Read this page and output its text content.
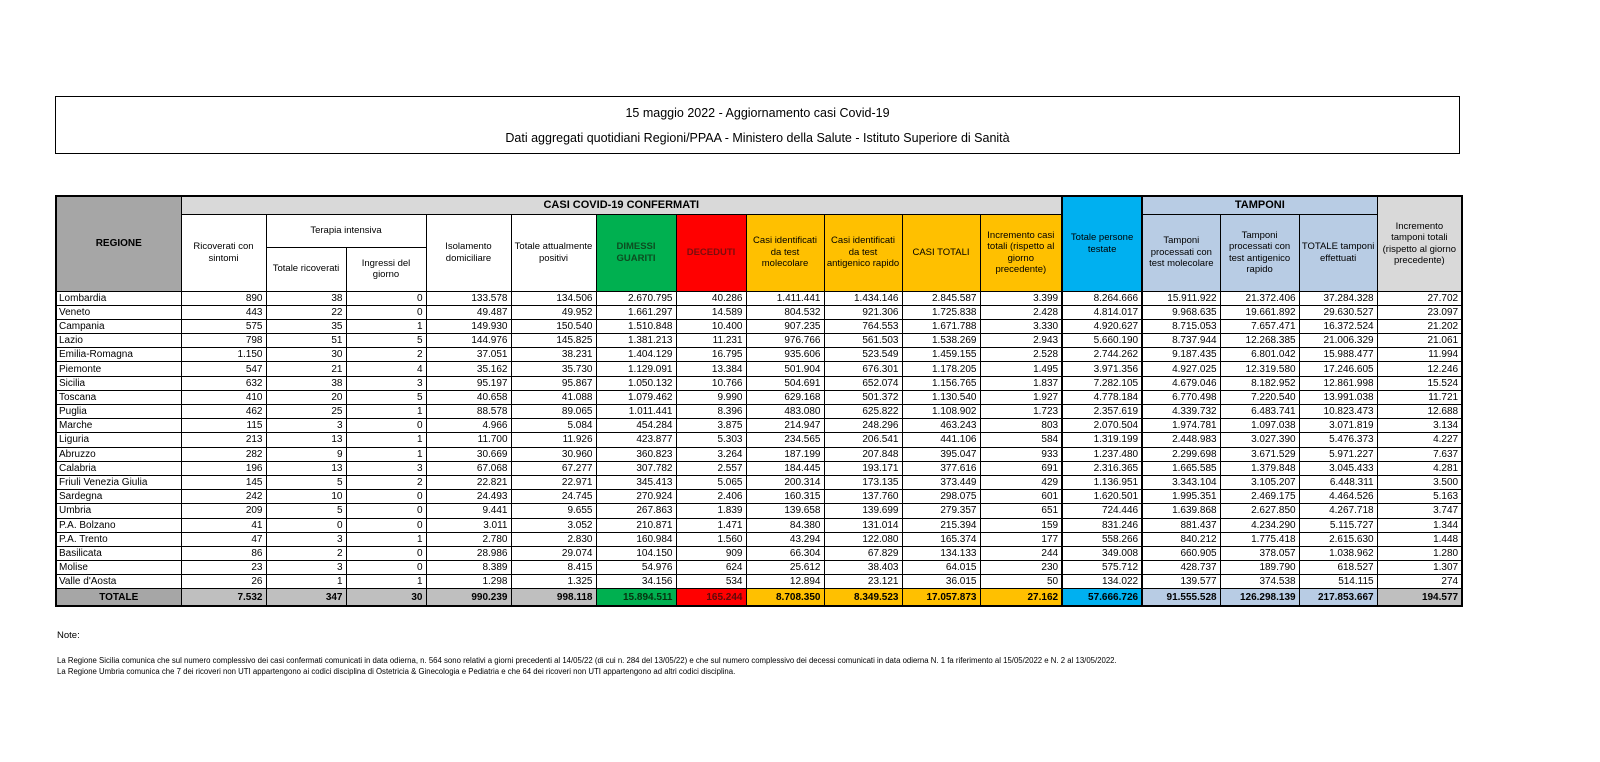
15 maggio 2022 - Aggiornamento casi Covid-19
Dati aggregati quotidiani Regioni/PPAA - Ministero della Salute - Istituto Superiore di Sanità
REGIONE	CASI COVID-19 CONFERMATI											Totale persone testate	TAMPONI			Incremento tamponi totali (rispetto al giorno precedente)
	Ricoverati con sintomi	Terapia intensiva		Isolamento domiciliare	Totale attualmente positivi	DIMESSI GUARITI	DECEDUTI	Casi identificati da test molecolare	Casi identificati da test antigenico rapido	CASI TOTALI	Incremento casi totali (rispetto al giorno precedente)		Tamponi processati con test molecolare	Tamponi processati con test antigenico rapido	TOTALE tamponi effettuati	
		Totale ricoverati	Ingressi del giorno													
Lombardia	890	38	0	133.578	134.506	2.670.795	40.286	1.411.441	1.434.146	2.845.587	3.399	8.264.666	15.911.922	21.372.406	37.284.328	27.702
Veneto	443	22	0	49.487	49.952	1.661.297	14.589	804.532	921.306	1.725.838	2.428	4.814.017	9.968.635	19.661.892	29.630.527	23.097
Campania	575	35	1	149.930	150.540	1.510.848	10.400	907.235	764.553	1.671.788	3.330	4.920.627	8.715.053	7.657.471	16.372.524	21.202
Lazio	798	51	5	144.976	145.825	1.381.213	11.231	976.766	561.503	1.538.269	2.943	5.660.190	8.737.944	12.268.385	21.006.329	21.061
Emilia-Romagna	1.150	30	2	37.051	38.231	1.404.129	16.795	935.606	523.549	1.459.155	2.528	2.744.262	9.187.435	6.801.042	15.988.477	11.994
Piemonte	547	21	4	35.162	35.730	1.129.091	13.384	501.904	676.301	1.178.205	1.495	3.971.356	4.927.025	12.319.580	17.246.605	12.246
Sicilia	632	38	3	95.197	95.867	1.050.132	10.766	504.691	652.074	1.156.765	1.837	7.282.105	4.679.046	8.182.952	12.861.998	15.524
Toscana	410	20	5	40.658	41.088	1.079.462	9.990	629.168	501.372	1.130.540	1.927	4.778.184	6.770.498	7.220.540	13.991.038	11.721
Puglia	462	25	1	88.578	89.065	1.011.441	8.396	483.080	625.822	1.108.902	1.723	2.357.619	4.339.732	6.483.741	10.823.473	12.688
Marche	115	3	0	4.966	5.084	454.284	3.875	214.947	248.296	463.243	803	2.070.504	1.974.781	1.097.038	3.071.819	3.134
Liguria	213	13	1	11.700	11.926	423.877	5.303	234.565	206.541	441.106	584	1.319.199	2.448.983	3.027.390	5.476.373	4.227
Abruzzo	282	9	1	30.669	30.960	360.823	3.264	187.199	207.848	395.047	933	1.237.480	2.299.698	3.671.529	5.971.227	7.637
Calabria	196	13	3	67.068	67.277	307.782	2.557	184.445	193.171	377.616	691	2.316.365	1.665.585	1.379.848	3.045.433	4.281
Friuli Venezia Giulia	145	5	2	22.821	22.971	345.413	5.065	200.314	173.135	373.449	429	1.136.951	3.343.104	3.105.207	6.448.311	3.500
Sardegna	242	10	0	24.493	24.745	270.924	2.406	160.315	137.760	298.075	601	1.620.501	1.995.351	2.469.175	4.464.526	5.163
Umbria	209	5	0	9.441	9.655	267.863	1.839	139.658	139.699	279.357	651	724.446	1.639.868	2.627.850	4.267.718	3.747
P.A. Bolzano	41	0	0	3.011	3.052	210.871	1.471	84.380	131.014	215.394	159	831.246	881.437	4.234.290	5.115.727	1.344
P.A. Trento	47	3	1	2.780	2.830	160.984	1.560	43.294	122.080	165.374	177	558.266	840.212	1.775.418	2.615.630	1.448
Basilicata	86	2	0	28.986	29.074	104.150	909	66.304	67.829	134.133	244	349.008	660.905	378.057	1.038.962	1.280
Molise	23	3	0	8.389	8.415	54.976	624	25.612	38.403	64.015	230	575.712	428.737	189.790	618.527	1.307
Valle d'Aosta	26	1	1	1.298	1.325	34.156	534	12.894	23.121	36.015	50	134.022	139.577	374.538	514.115	274
TOTALE	7.532	347	30	990.239	998.118	15.894.511	165.244	8.708.350	8.349.523	17.057.873	27.162	57.666.726	91.555.528	126.298.139	217.853.667	194.577
Note:
La Regione Sicilia comunica che sul numero complessivo dei casi confermati comunicati in data odierna, n. 564 sono relativi a giorni precedenti al 14/05/22 (di cui n. 284 del 13/05/22) e che sul numero complessivo dei decessi comunicati in data odierna N. 1 fa riferimento al 15/05/2022 e N. 2 al 13/05/2022.
La Regione Umbria comunica che 7 dei ricoveri non UTI appartengono ai codici disciplina di Ostetricia & Ginecologia e Pediatria e che 64 dei ricoveri non UTI appartengono ad altri codici disciplina.
